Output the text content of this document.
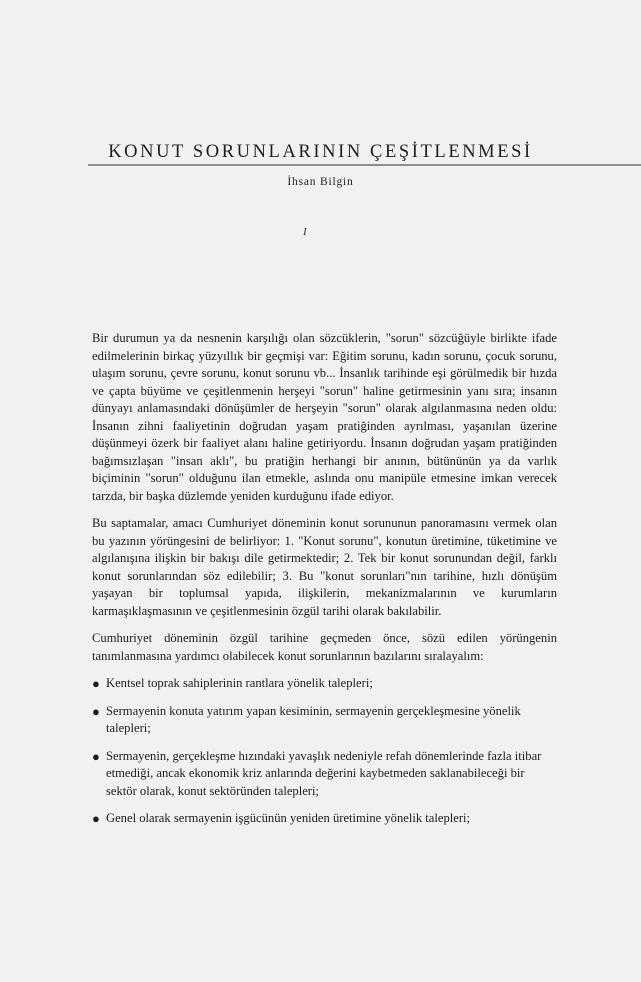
KONUT SORUNLARININ ÇEŞİTLENMESİ
İhsan Bilgin
I

Bir durumun ya da nesnenin karşılığı olan sözcüklerin, "sorun" sözcüğüyle birlikte ifade edilmelerinin birkaç yüzyıllık bir geçmişi var: Eğitim sorunu, kadın sorunu, çocuk sorunu, ulaşım sorunu, çevre sorunu, konut sorunu vb... İnsanlık tarihinde eşi görülmedik bir hızda ve çapta büyüme ve çeşitlenmenin herşeyi "sorun" haline getirmesinin yanı sıra; insanın dünyayı anlamasındaki dönüşümler de herşeyin "sorun" olarak algılanmasına neden oldu: İnsanın zihni faaliyetinin doğrudan yaşam pratiğinden ayrılması, yaşanılan üzerine düşünmeyi özerk bir faaliyet alanı haline getiriyordu. İnsanın doğrudan yaşam pratiğinden bağımsızlaşan "insan aklı", bu pratiğin herhangi bir anının, bütününün ya da varlık biçiminin "sorun" olduğunu ilan etmekle, aslında onu manipüle etmesine imkan verecek tarzda, bir başka düzlemde yeniden kurduğunu ifade ediyor.

Bu saptamalar, amacı Cumhuriyet döneminin konut sorununun panoramasını vermek olan bu yazının yörüngesini de belirliyor: 1. "Konut sorunu", konutun üretimine, tüketimine ve algılanışına ilişkin bir bakışı dile getirmektedir; 2. Tek bir konut sorunundan değil, farklı konut sorunlarından söz edilebilir; 3. Bu "konut sorunları"nın tarihine, hızlı dönüşüm yaşayan bir toplumsal yapıda, ilişkilerin, mekanizmalarının ve kurumların karmaşıklaşmasının ve çeşitlenmesinin özgül tarihi olarak bakılabilir.

Cumhuriyet döneminin özgül tarihine geçmeden önce, sözü edilen yörüngenin tanımlanmasına yardımcı olabilecek konut sorunlarının bazılarını sıralayalım:

● Kentsel toprak sahiplerinin rantlara yönelik talepleri;
● Sermayenin konuta yatırım yapan kesiminin, sermayenin gerçekleşmesine yönelik talepleri;
● Sermayenin, gerçekleşme hızındaki yavaşlık nedeniyle refah dönemlerinde fazla itibar etmediği, ancak ekonomik kriz anlarında değerini kaybetmeden saklanabileceği bir sektör olarak, konut sektöründen talepleri;
● Genel olarak sermayenin işgücünün yeniden üretimine yönelik talepleri;
